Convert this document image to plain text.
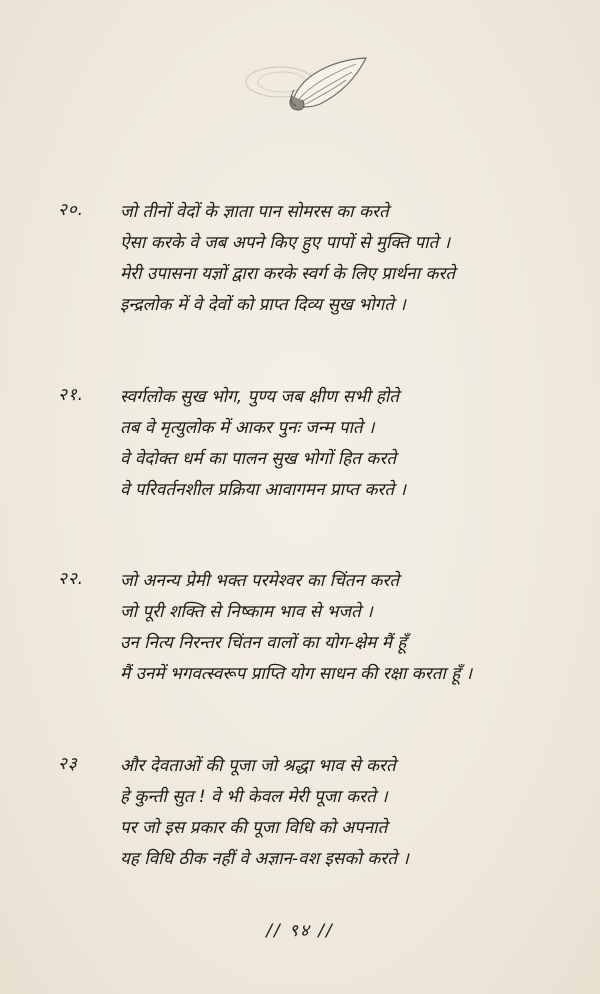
२०. जो तीनों वेदों के ज्ञाता पान सोमरस का करते
ऐसा करके वे जब अपने किए हुए पापों से मुक्ति पाते ।
मेरी उपासना यज्ञों द्वारा करके स्वर्ग के लिए प्रार्थना करते
इन्द्रलोक में वे देवों को प्राप्त दिव्य सुख भोगते ।
२१. स्वर्गलोक सुख भोग, पुण्य जब क्षीण सभी होते
तब वे मृत्युलोक में आकर पुनः जन्म पाते ।
वे वेदोक्त धर्म का पालन सुख भोगों हित करते
वे परिवर्तनशील प्रक्रिया आवागमन प्राप्त करते ।
२२. जो अनन्य प्रेमी भक्त परमेश्वर का चिंतन करते
जो पूरी शक्ति से निष्काम भाव से भजते ।
उन नित्य निरन्तर चिंतन वालों का योग-क्षेम मैं हूँ
मैं उनमें भगवत्स्वरूप प्राप्ति योग साधन की रक्षा करता हूँ ।
२३ और देवताओं की पूजा जो श्रद्धा भाव से करते
हे कुन्ती सुत ! वे भी केवल मेरी पूजा करते ।
पर जो इस प्रकार की पूजा विधि को अपनाते
यह विधि ठीक नहीं वे अज्ञान-वश इसको करते ।
// ९४ //
